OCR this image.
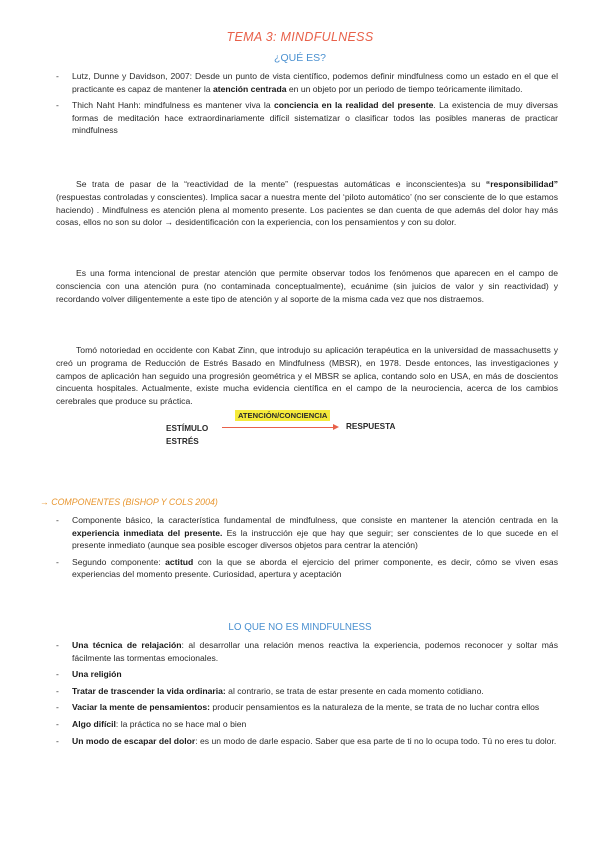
TEMA 3: MINDFULNESS
¿QUÉ ES?
- Lutz, Dunne y Davidson, 2007: Desde un punto de vista científico, podemos definir mindfulness como un estado en el que el practicante es capaz de mantener la atención centrada en un objeto por un periodo de tiempo teóricamente ilimitado.
- Thich Naht Hanh: mindfulness es mantener viva la conciencia en la realidad del presente. La existencia de muy diversas formas de meditación hace extraordinariamente difícil sistematizar o clasificar todos las posibles maneras de practicar mindfulness

Se trata de pasar de la “reactividad de la mente” (respuestas automáticas e inconscientes)a su “responsibilidad” (respuestas controladas y conscientes). Implica sacar a nuestra mente del ‘piloto automático’ (no ser consciente de lo que estamos haciendo) . Mindfulness es atención plena al momento presente. Los pacientes se dan cuenta de que además del dolor hay más cosas, ellos no son su dolor → desidentificación con la experiencia, con los pensamientos y con su dolor.

Es una forma intencional de prestar atención que permite observar todos los fenómenos que aparecen en el campo de consciencia con una atención pura (no contaminada conceptualmente), ecuánime (sin juicios de valor y sin reactividad) y recordando volver diligentemente a este tipo de atención y al soporte de la misma cada vez que nos distraemos.

Tomó notoriedad en occidente con Kabat Zinn, que introdujo su aplicación terapéutica en la universidad de massachusetts y creó un programa de Reducción de Estrés Basado en Mindfulness (MBSR), en 1978. Desde entonces, las investigaciones y campos de aplicación han seguido una progresión geométrica y el MBSR se aplica, contando solo en USA, en más de doscientos cincuenta hospitales. Actualmente, existe mucha evidencia científica en el campo de la neurociencia, acerca de los cambios cerebrales que produce su práctica.

ATENCIÓN/CONCIENCIA
ESTÍMULO
ESTRÉS
RESPUESTA
→ COMPONENTES (BISHOP Y COLS 2004)
- Componente básico, la característica fundamental de mindfulness, que consiste en mantener la atención centrada en la experiencia inmediata del presente. Es la instrucción eje que hay que seguir; ser conscientes de lo que sucede en el presente inmediato (aunque sea posible escoger diversos objetos para centrar la atención)
- Segundo componente: actitud con la que se aborda el ejercicio del primer componente, es decir, cómo se viven esas experiencias del momento presente. Curiosidad, apertura y aceptación
LO QUE NO ES MINDFULNESS
- Una técnica de relajación: al desarrollar una relación menos reactiva la experiencia, podemos reconocer y soltar más fácilmente las tormentas emocionales.
- Una religión
- Tratar de trascender la vida ordinaria: al contrario, se trata de estar presente en cada momento cotidiano.
- Vaciar la mente de pensamientos: producir pensamientos es la naturaleza de la mente, se trata de no luchar contra ellos
- Algo difícil: la práctica no se hace mal o bien
- Un modo de escapar del dolor: es un modo de darle espacio. Saber que esa parte de ti no lo ocupa todo. Tú no eres tu dolor.
